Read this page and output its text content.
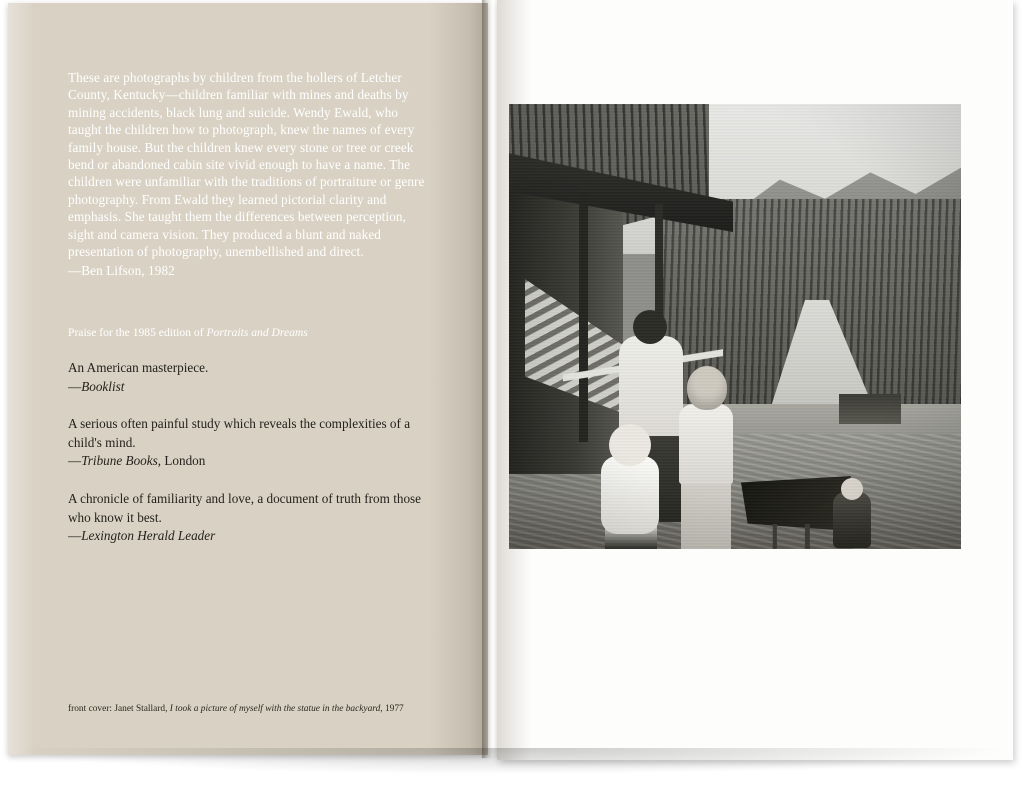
These are photographs by children from the hollers of Letcher County, Kentucky—children familiar with mines and deaths by mining accidents, black lung and suicide. Wendy Ewald, who taught the children how to photograph, knew the names of every family house. But the children knew every stone or tree or creek bend or abandoned cabin site vivid enough to have a name. The children were unfamiliar with the traditions of portraiture or genre photography. From Ewald they learned pictorial clarity and emphasis. She taught them the differences between perception, sight and camera vision. They produced a blunt and naked presentation of photography, unembellished and direct.
—Ben Lifson, 1982
Praise for the 1985 edition of Portraits and Dreams
An American masterpiece.
—Booklist
A serious often painful study which reveals the complexities of a child's mind.
—Tribune Books, London
A chronicle of familiarity and love, a document of truth from those who know it best.
—Lexington Herald Leader
front cover: Janet Stallard, I took a picture of myself with the statue in the backyard, 1977
